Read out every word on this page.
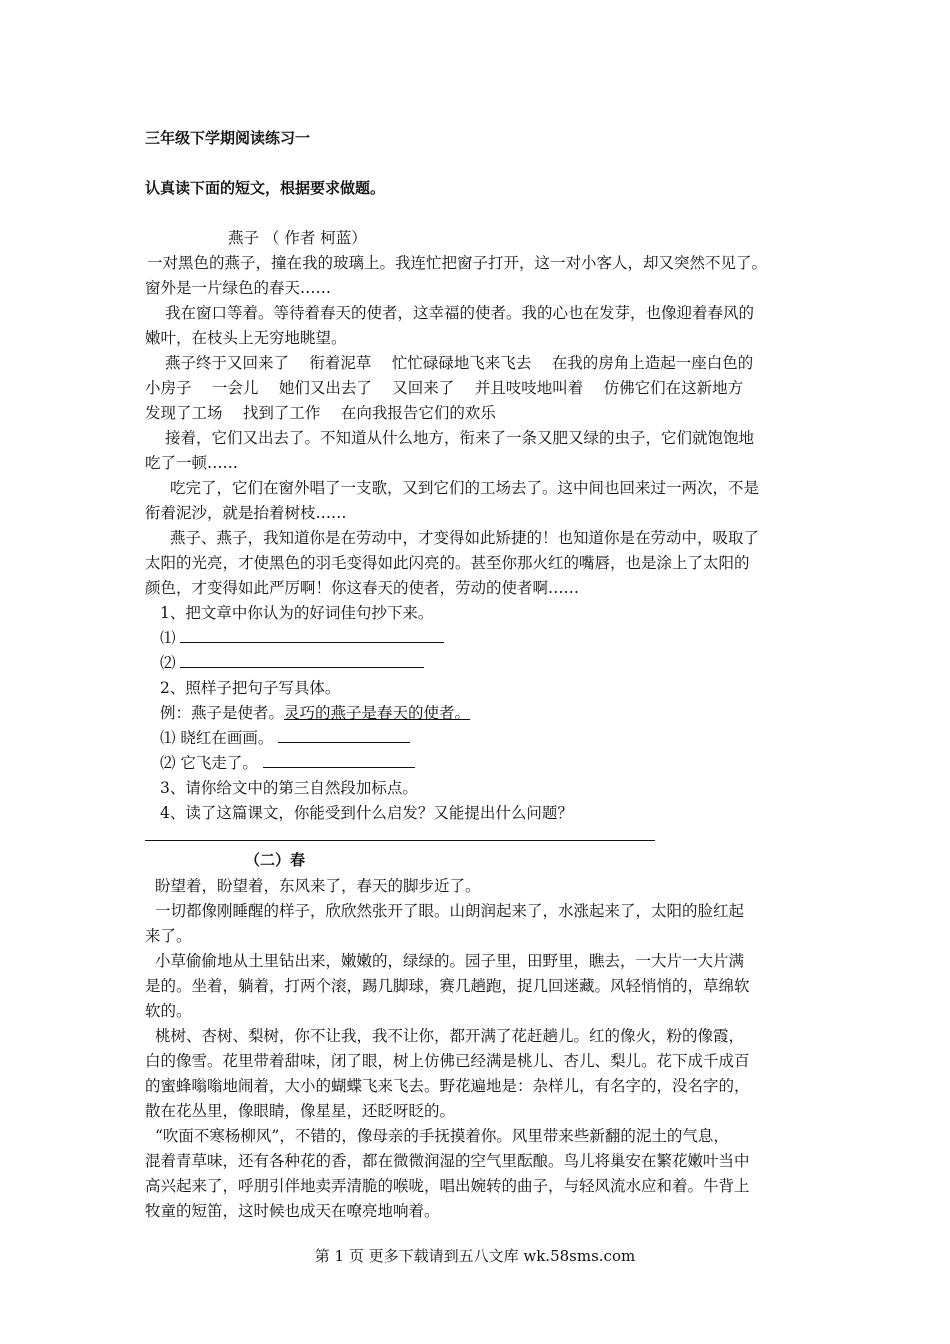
三年级下学期阅读练习一
认真读下面的短文，根据要求做题。
燕子 （ 作者 柯蓝）
一对黑色的燕子，撞在我的玻璃上。我连忙把窗子打开，这一对小客人，却又突然不见了。
窗外是一片绿色的春天……
我在窗口等着。等待着春天的使者，这幸福的使者。我的心也在发芽，也像迎着春风的
嫩叶，在枝头上无穷地眺望。
燕子终于又回来了　 衔着泥草　 忙忙碌碌地飞来飞去　 在我的房角上造起一座白色的
小房子　 一会儿　 她们又出去了　 又回来了　 并且吱吱地叫着　 仿佛它们在这新地方
发现了工场　 找到了工作　 在向我报告它们的欢乐
接着，它们又出去了。不知道从什么地方，衔来了一条又肥又绿的虫子，它们就饱饱地
吃了一顿……
吃完了，它们在窗外唱了一支歌，又到它们的工场去了。这中间也回来过一两次，不是
衔着泥沙，就是抬着树枝……
燕子、燕子，我知道你是在劳动中，才变得如此矫捷的！也知道你是在劳动中，吸取了
太阳的光亮，才使黑色的羽毛变得如此闪亮的。甚至你那火红的嘴唇，也是涂上了太阳的
颜色，才变得如此严厉啊！你这春天的使者，劳动的使者啊……
1、把文章中你认为的好词佳句抄下来。
⑴
⑵
2、照样子把句子写具体。
例：燕子是使者。灵巧的燕子是春天的使者。
⑴ 晓红在画画。
⑵ 它飞走了。
3、请你给文中的第三自然段加标点。
4、读了这篇课文，你能受到什么启发？又能提出什么问题？
（二）春
盼望着，盼望着，东风来了，春天的脚步近了。
一切都像刚睡醒的样子，欣欣然张开了眼。山朗润起来了，水涨起来了，太阳的脸红起
来了。
小草偷偷地从土里钻出来，嫩嫩的，绿绿的。园子里，田野里，瞧去，一大片一大片满
是的。坐着，躺着，打两个滚，踢几脚球，赛几趟跑，捉几回迷藏。风轻悄悄的，草绵软
软的。
桃树、杏树、梨树，你不让我，我不让你，都开满了花赶趟儿。红的像火，粉的像霞，
白的像雪。花里带着甜味，闭了眼，树上仿佛已经满是桃儿、杏儿、梨儿。花下成千成百
的蜜蜂嗡嗡地闹着，大小的蝴蝶飞来飞去。野花遍地是：杂样儿，有名字的，没名字的，
散在花丛里，像眼睛，像星星，还眨呀眨的。
“吹面不寒杨柳风”，不错的，像母亲的手抚摸着你。风里带来些新翻的泥土的气息，
混着青草味，还有各种花的香，都在微微润湿的空气里酝酿。鸟儿将巢安在繁花嫩叶当中
高兴起来了，呼朋引伴地卖弄清脆的喉咙，唱出婉转的曲子，与轻风流水应和着。牛背上
牧童的短笛，这时候也成天在嘹亮地响着。
第 1 页 更多下载请到五八文库 wk.58sms.com
